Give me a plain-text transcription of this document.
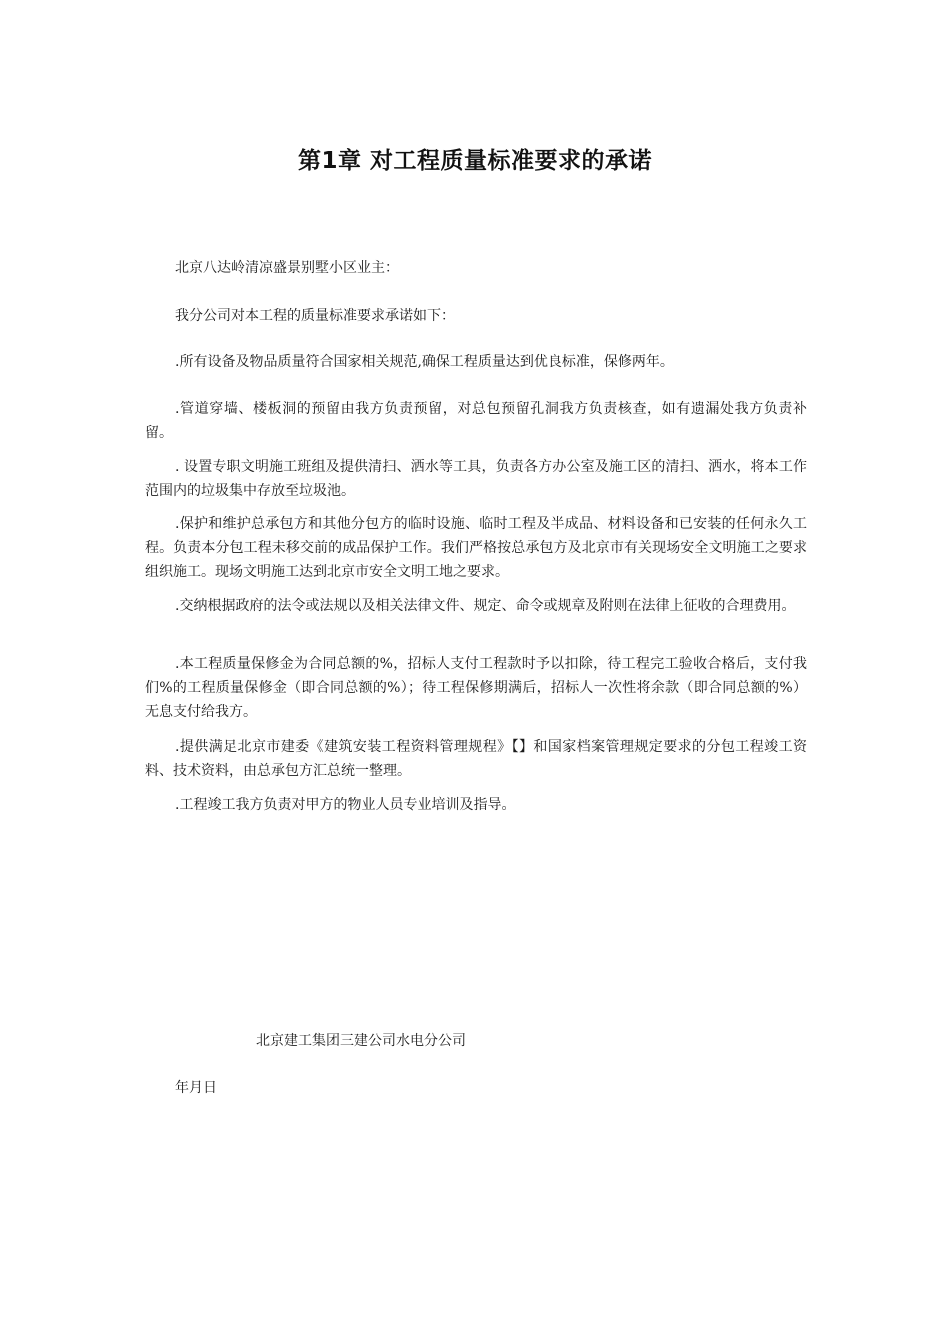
第1章 对工程质量标准要求的承诺

北京八达岭清凉盛景别墅小区业主：

我分公司对本工程的质量标准要求承诺如下：

.所有设备及物品质量符合国家相关规范,确保工程质量达到优良标准，保修两年。

.管道穿墙、楼板洞的预留由我方负责预留，对总包预留孔洞我方负责核查，如有遗漏处我方负责补留。

. 设置专职文明施工班组及提供清扫、洒水等工具，负责各方办公室及施工区的清扫、洒水，将本工作范围内的垃圾集中存放至垃圾池。

.保护和维护总承包方和其他分包方的临时设施、临时工程及半成品、材料设备和已安装的任何永久工程。负责本分包工程未移交前的成品保护工作。我们严格按总承包方及北京市有关现场安全文明施工之要求组织施工。现场文明施工达到北京市安全文明工地之要求。

.交纳根据政府的法令或法规以及相关法律文件、规定、命令或规章及附则在法律上征收的合理费用。

.本工程质量保修金为合同总额的%，招标人支付工程款时予以扣除，待工程完工验收合格后，支付我们%的工程质量保修金（即合同总额的%）；待工程保修期满后，招标人一次性将余款（即合同总额的%）无息支付给我方。

.提供满足北京市建委《建筑安装工程资料管理规程》【】和国家档案管理规定要求的分包工程竣工资料、技术资料，由总承包方汇总统一整理。

.工程竣工我方负责对甲方的物业人员专业培训及指导。

北京建工集团三建公司水电分公司

年月日
